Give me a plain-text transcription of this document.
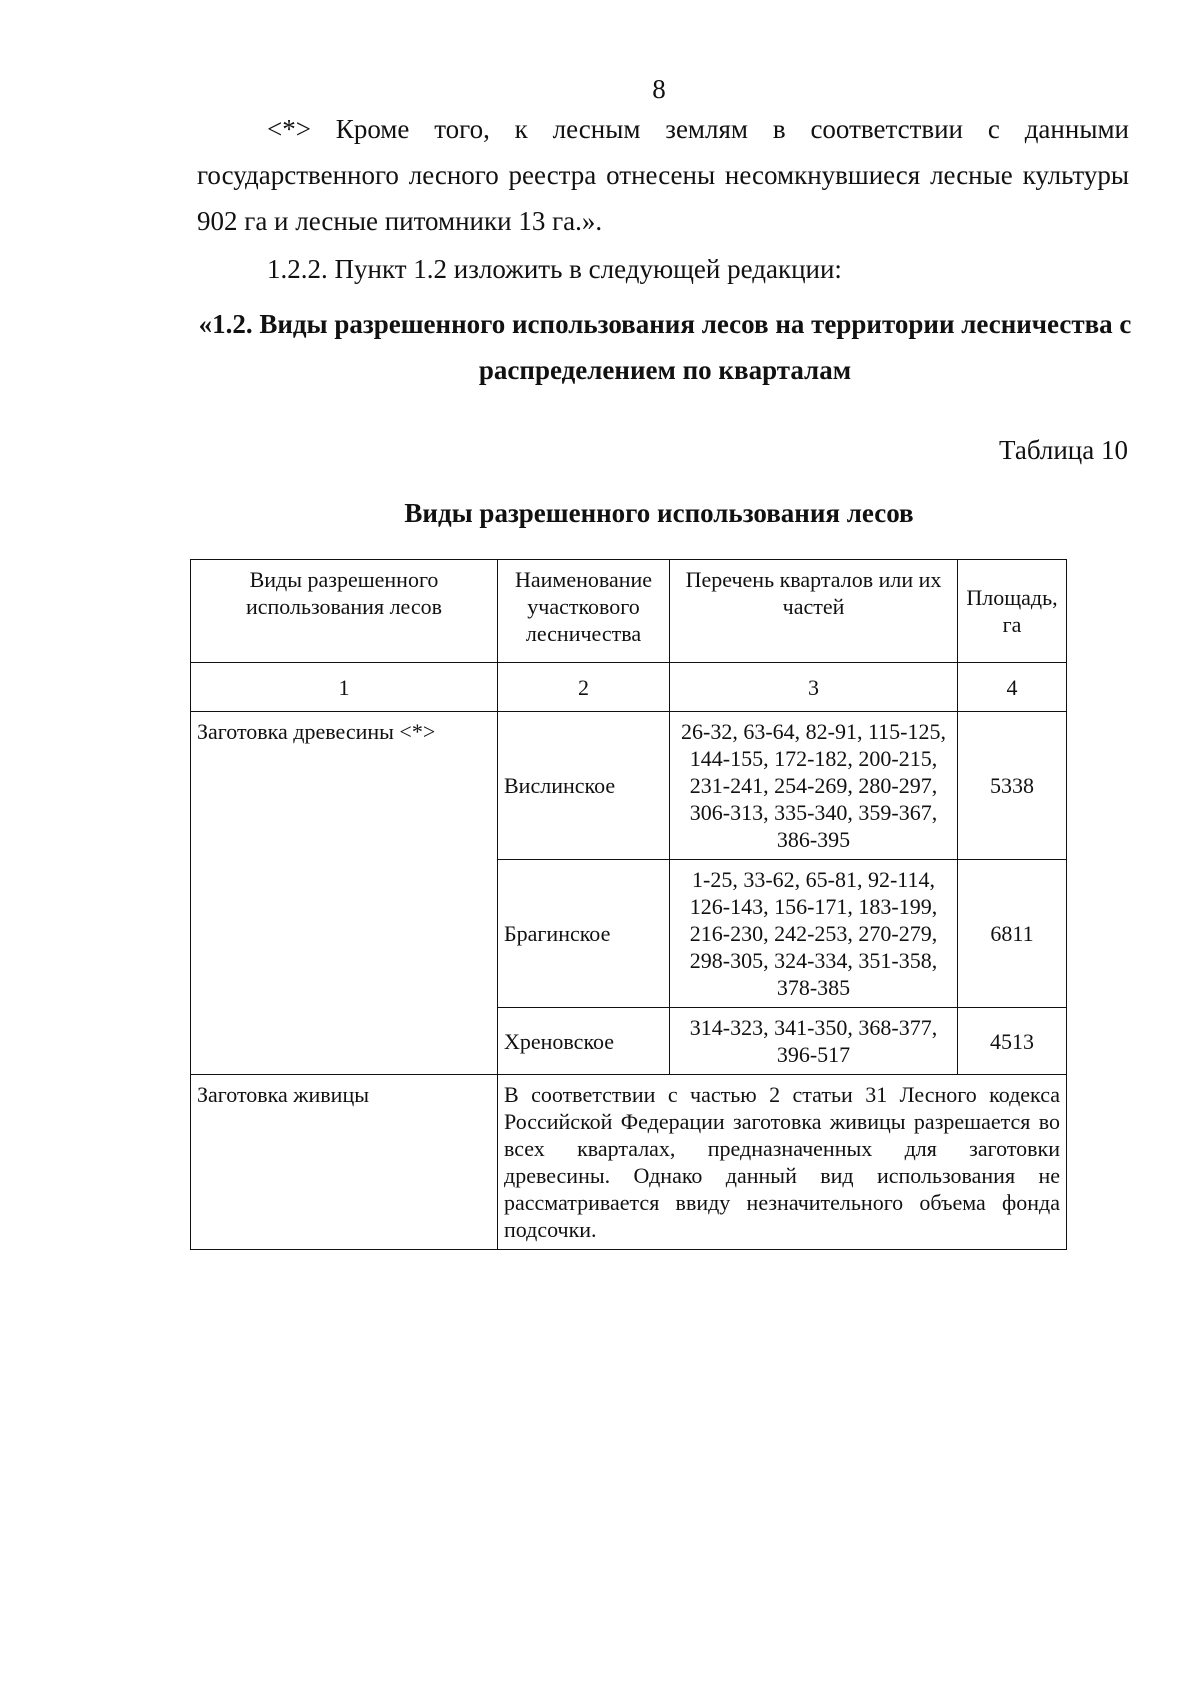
8

<*> Кроме того, к лесным землям в соответствии с данными государственного лесного реестра отнесены несомкнувшиеся лесные культуры 902 га и лесные питомники 13 га.».

1.2.2. Пункт 1.2 изложить в следующей редакции:

«1.2. Виды разрешенного использования лесов на территории лесничества с распределением по кварталам
Таблица 10
Виды разрешенного использования лесов
Виды разрешенного использования лесов	Наименование участкового лесничества	Перечень кварталов или их частей	Площадь, га
1	2	3	4
Заготовка древесины <*>	Вислинское	26-32, 63-64, 82-91, 115-125, 144-155, 172-182, 200-215, 231-241, 254-269, 280-297, 306-313, 335-340, 359-367, 386-395	5338
	Брагинское	1-25, 33-62, 65-81, 92-114, 126-143, 156-171, 183-199, 216-230, 242-253, 270-279, 298-305, 324-334, 351-358, 378-385	6811
	Хреновское	314-323, 341-350, 368-377, 396-517	4513
Заготовка живицы	В соответствии с частью 2 статьи 31 Лесного кодекса Российской Федерации заготовка живицы разрешается во всех кварталах, предназначенных для заготовки древесины. Однако данный вид использования не рассматривается ввиду незначительного объема фонда подсочки.		
